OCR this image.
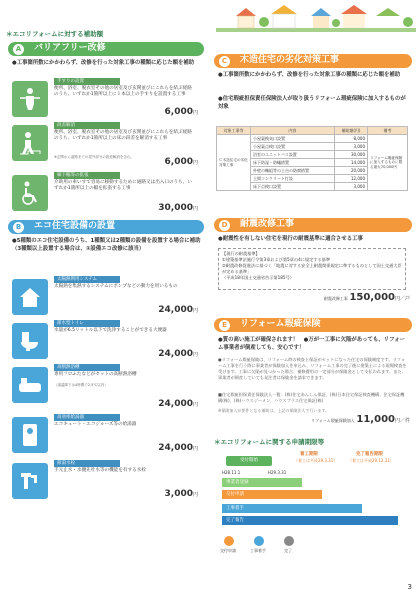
＊エコリフォームに対する補助額
A	バリアフリー改修
●工事箇所数にかかわらず、改修を行った対象工事の種類に応じた額を補助
手すりの設置
便所、浴室、脱衣室その他の居室及び玄関並びにこれらを結ぶ経路のうち、いずれか1箇所以上に１本以上の手すりを設置する工事
6,000円
段差解消
便所、浴室、脱衣室その他の居室及び玄関並びにこれらを結ぶ経路のうち、いずれか1箇所以上の床の段差を解消する工事
※玄関から道路までの屋外部分の段差解消を含む。	6,000円
廊下幅等の拡張
介助用の車いすで容易に移動するために通路又は出入口のうち、いずれか1箇所以上の幅を拡張する工事
30,000円
B	エコ住宅設備の設置
●5種類のエコ住宅設備のうち、1種類又は2種類の設備を設置する場合に補助（3種類以上設置する場合は、①設備エコ改修に該当）
太陽熱利用システム
太陽熱を集熱するシステムにポンプなどの動力を用いるもの
24,000円
節水型トイレ
水量が6.5リットル以下で洗浄することができる大便器
24,000円
高断熱浴槽
専用フロふたなどがセットの高断熱浴槽
（湯温降下は4時間で2.5℃以内）
24,000円
高効率給湯器
エコキュート・エコジョーズ等の給湯器
24,000円
節湯水栓
手元止水・水優先吐水等の機能を有する水栓
3,000円
C	木造住宅の劣化対策工事
●工事箇所数にかかわらず、改修を行った対象工事の種類に応じた額を補助
●住宅瑕疵担保責任保険法人が取り扱うリフォーム瑕疵保険に加入するものが対象
対象工事等	内容	補助額(円)	備考
Ｃ木造住宅の劣化対策工事	小屋裏換気口設置	8,000	リフォーム瑕疵保険に加入するものに限る最大70,000円
	小屋裏点検口設置	3,000	
	浴室のユニットバス設置	30,000	
	床下防湿・防蟻措置	14,000	
	外壁の軸組等の土台の防腐措置	20,000	
	土間コンクリート打設	12,000	
	床下点検口設置	3,000	
D 耐震改修工事
●耐震性を有しない住宅を現行の耐震基準に適合させる工事
【現行の耐震基準】
①建築基準法施行令第3章および第5章の4に規定する基準
②耐震改修促進法に基づく「地震に対する安全上耐震関係規定に準ずるものとして国土交通大臣が定める基準」
（平成18年国土交通省告示第185号）
耐震改修工事 150,000円／戸
E	リフォーム瑕疵保険
●質の高い施工が確保されます！　●万が一工事に欠陥があっても、リフォーム事業者が倒産しても、安心です！
●リフォーム瑕疵保険は、リフォーム時の検査と保証がセットになった住宅の保険制度です。リフォーム工事を行う際に事業者が保険加入を申込み、リフォーム工事の完了後に建築士による現場検査を受けます。工事に欠陥が見つかった場合、補修費用の一定部分が保険金として支払われます。また、事業者が倒産していても発注者は保険金を請求できます。
■住宅瑕疵担保責任保険法人一覧：(株)住宅あんしん保証、(株)日本住宅保証検査機構、住宅保証機構(株)、(株)ハウスジーメン、ハウスプラス住宅保証(株)
※保険加入が要件となる補助は、上記の保険法人で行います。
リフォーム瑕疵保険加入 11,000円／件
＊エコリフォームに関する申請期限等
受付開始
着工期限
（着工は平成29.3.31）
完了報告期限
（着工は平成29.12.31）
H28.11.1	H29.3.31
事業者登録
交付申請
工事着手
完了報告
交付申請	工事着手	完了
3
